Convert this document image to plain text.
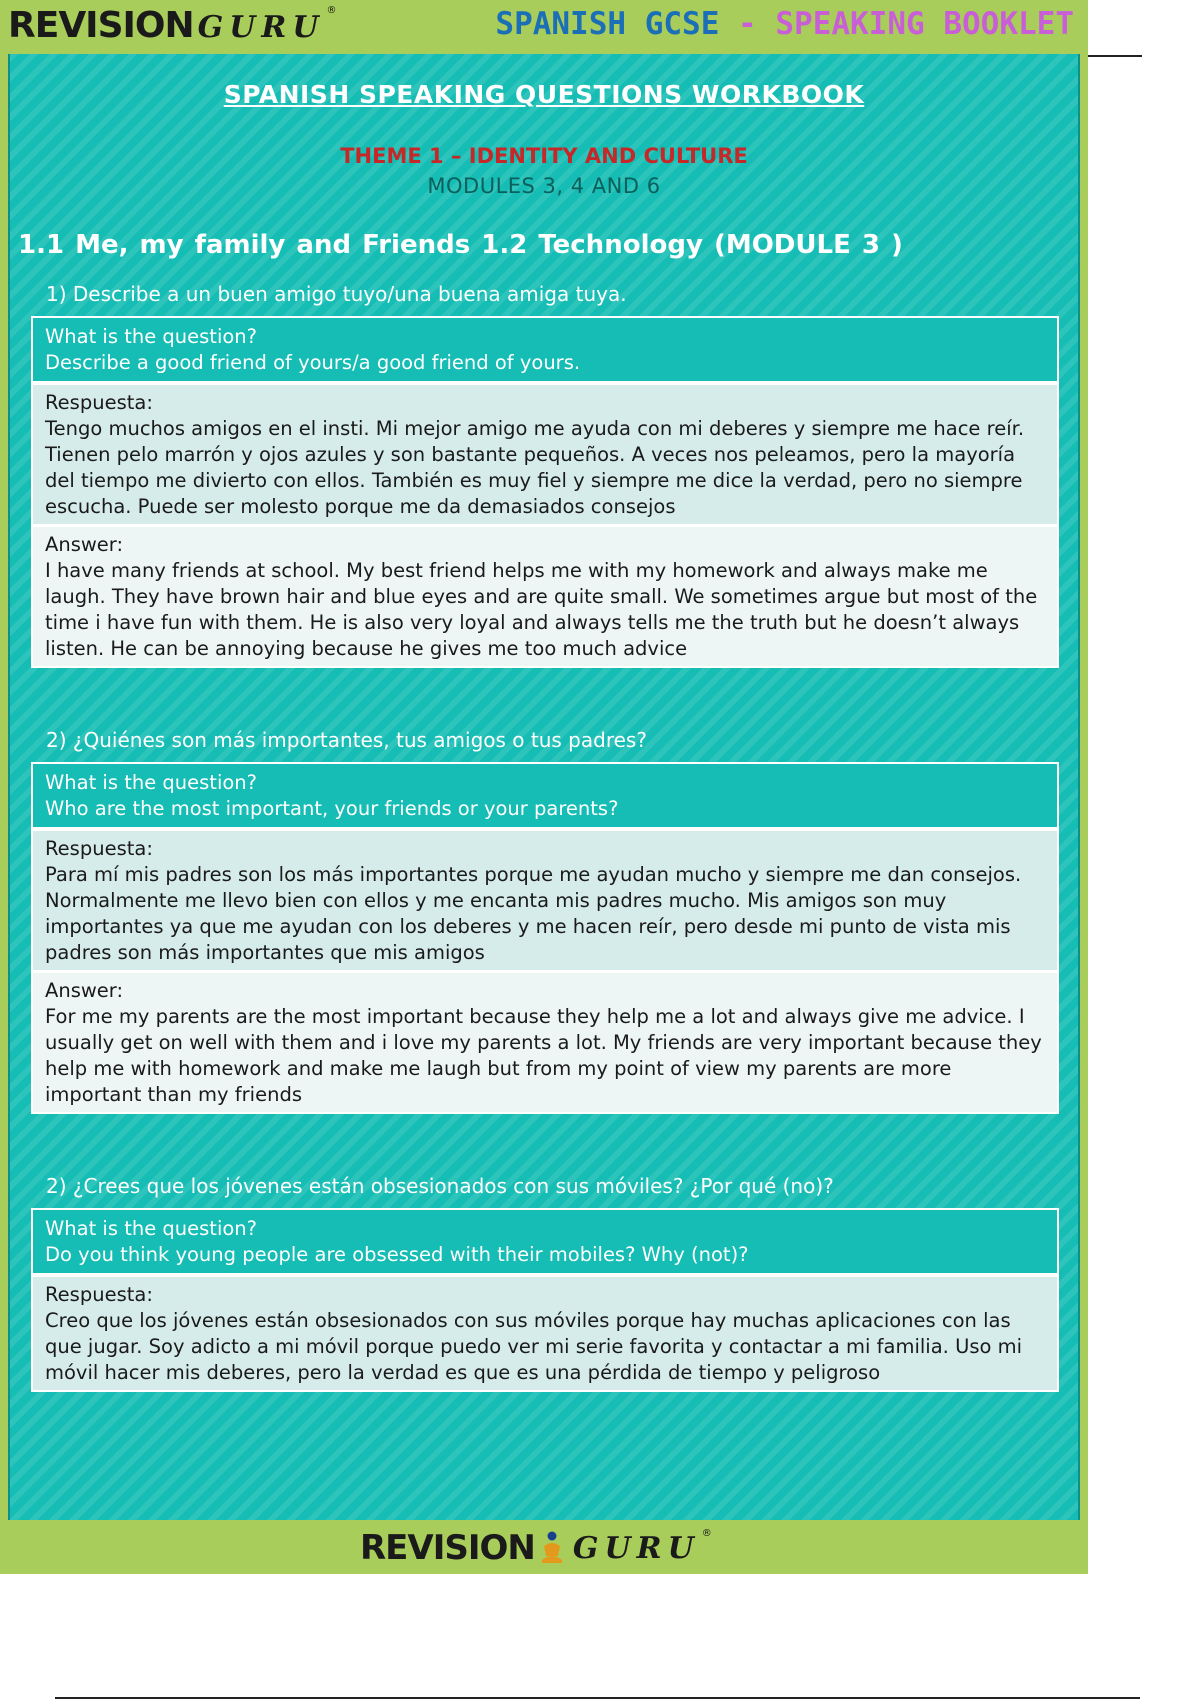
REVISION GURU ®	SPANISH GCSE - SPEAKING BOOKLET
SPANISH SPEAKING QUESTIONS WORKBOOK
THEME 1 – IDENTITY AND CULTURE
MODULES 3, 4 AND 6
1.1 Me, my family and Friends 1.2 Technology (MODULE 3 )
1) Describe a un buen amigo tuyo/una buena amiga tuya.
What is the question?
Describe a good friend of yours/a good friend of yours.
Respuesta:
Tengo muchos amigos en el insti. Mi mejor amigo me ayuda con mi deberes y siempre me hace reír. Tienen pelo marrón y ojos azules y son bastante pequeños. A veces nos peleamos, pero la mayoría del tiempo me divierto con ellos. También es muy fiel y siempre me dice la verdad, pero no siempre escucha. Puede ser molesto porque me da demasiados consejos
Answer:
I have many friends at school. My best friend helps me with my homework and always make me laugh. They have brown hair and blue eyes and are quite small. We sometimes argue but most of the time i have fun with them. He is also very loyal and always tells me the truth but he doesn’t always listen. He can be annoying because he gives me too much advice
2) ¿Quiénes son más importantes, tus amigos o tus padres?
What is the question?
Who are the most important, your friends or your parents?
Respuesta:
Para mí mis padres son los más importantes porque me ayudan mucho y siempre me dan consejos. Normalmente me llevo bien con ellos y me encanta mis padres mucho. Mis amigos son muy importantes ya que me ayudan con los deberes y me hacen reír, pero desde mi punto de vista mis padres son más importantes que mis amigos
Answer:
For me my parents are the most important because they help me a lot and always give me advice. I usually get on well with them and i love my parents a lot. My friends are very important because they help me with homework and make me laugh but from my point of view my parents are more important than my friends
2) ¿Crees que los jóvenes están obsesionados con sus móviles? ¿Por qué (no)?
What is the question?
Do you think young people are obsessed with their mobiles? Why (not)?
Respuesta:
Creo que los jóvenes están obsesionados con sus móviles porque hay muchas aplicaciones con las que jugar. Soy adicto a mi móvil porque puedo ver mi serie favorita y contactar a mi familia. Uso mi móvil hacer mis deberes, pero la verdad es que es una pérdida de tiempo y peligroso
REVISION GURU ®
